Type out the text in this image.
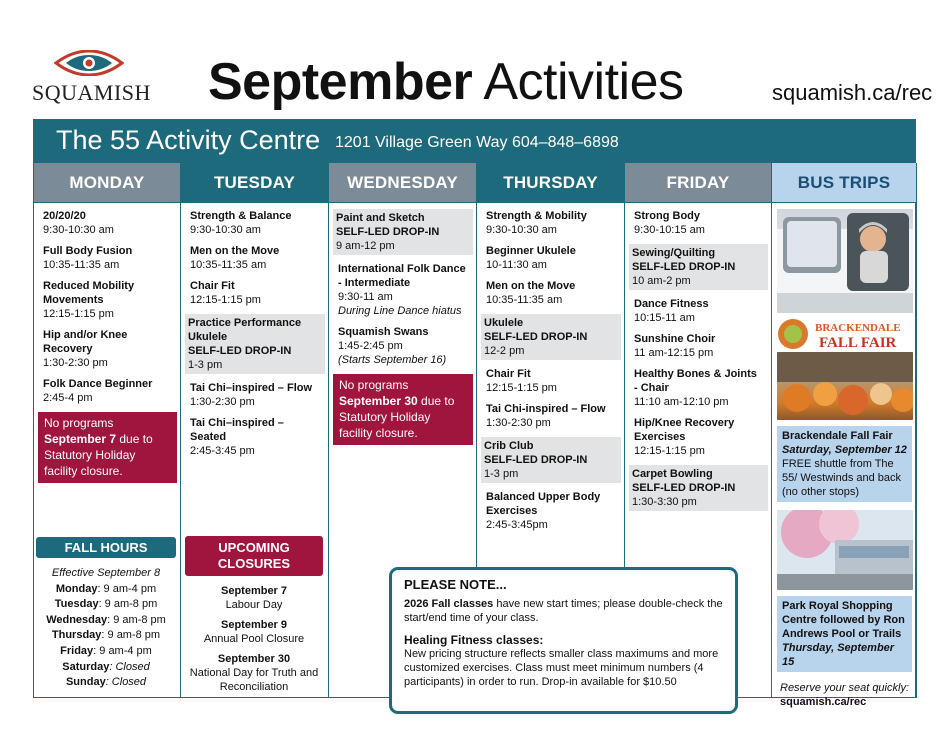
SQUAMISH September Activities	squamish.ca/rec
The 55 Activity Centre 1201 Village Green Way 604–848–6898
MONDAY
20/20/20
9:30-10:30 am
Full Body Fusion
10:35-11:35 am
Reduced Mobility Movements
12:15-1:15 pm
Hip and/or Knee Recovery
1:30-2:30 pm
Folk Dance Beginner
2:45-4 pm
No programs September 7 due to Statutory Holiday facility closure.
FALL HOURS
Effective September 8
Monday: 9 am-4 pm
Tuesday: 9 am-8 pm
Wednesday: 9 am-8 pm
Thursday: 9 am-8 pm
Friday: 9 am-4 pm
Saturday: Closed
Sunday: Closed
TUESDAY
Strength & Balance
9:30-10:30 am
Men on the Move
10:35-11:35 am
Chair Fit
12:15-1:15 pm
Practice Performance Ukulele
SELF-LED DROP-IN
1-3 pm
Tai Chi–inspired – Flow
1:30-2:30 pm
Tai Chi–inspired – Seated
2:45-3:45 pm
UPCOMING CLOSURES
September 7
Labour Day
September 9
Annual Pool Closure
September 30
National Day for Truth and Reconciliation
WEDNESDAY
Paint and Sketch
SELF-LED DROP-IN
9 am-12 pm
International Folk Dance - Intermediate
9:30-11 am
During Line Dance hiatus
Squamish Swans
1:45-2:45 pm
(Starts September 16)
No programs September 30 due to Statutory Holiday facility closure.
THURSDAY
Strength & Mobility
9:30-10:30 am
Beginner Ukulele
10-11:30 am
Men on the Move
10:35-11:35 am
Ukulele
SELF-LED DROP-IN
12-2 pm
Chair Fit
12:15-1:15 pm
Tai Chi-inspired – Flow
1:30-2:30 pm
Crib Club
SELF-LED DROP-IN
1-3 pm
Balanced Upper Body Exercises
2:45-3:45pm
FRIDAY
Strong Body
9:30-10:15 am
Sewing/Quilting
SELF-LED DROP-IN
10 am-2 pm
Dance Fitness
10:15-11 am
Sunshine Choir
11 am-12:15 pm
Healthy Bones & Joints - Chair
11:10 am-12:10 pm
Hip/Knee Recovery Exercises
12:15-1:15 pm
Carpet Bowling
SELF-LED DROP-IN
1:30-3:30 pm
BUS TRIPS
BRACKENDALE
FALL FAIR
Brackendale Fall Fair
Saturday, September 12
FREE shuttle from The 55/ Westwinds and back (no other stops)
Park Royal Shopping Centre followed by Ron Andrews Pool or Trails
Thursday, September 15
Reserve your seat quickly:
squamish.ca/rec
PLEASE NOTE...
2026 Fall classes have new start times; please double-check the start/end time of your class.
Healing Fitness classes:
New pricing structure reflects smaller class maximums and more customized exercises. Class must meet minimum numbers (4 participants) in order to run. Drop-in available for $10.50
